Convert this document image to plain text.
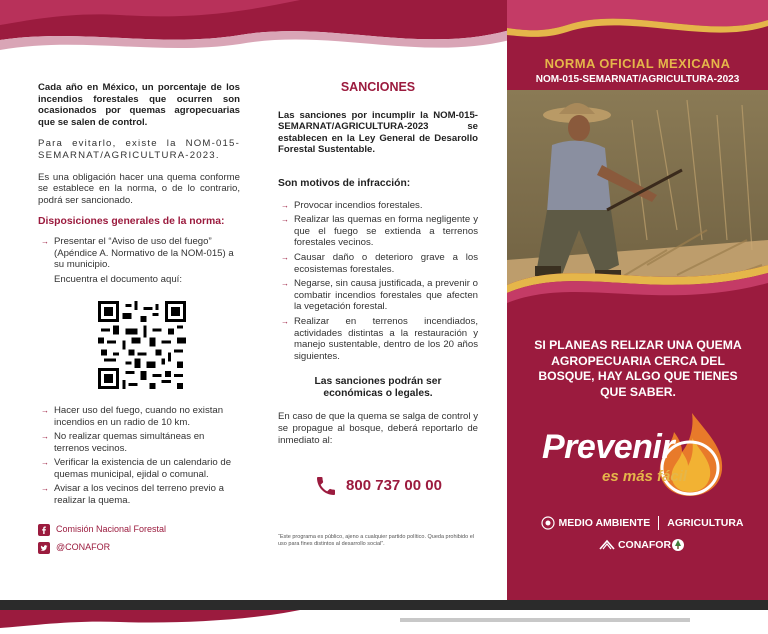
Cada año en México, un porcentaje de los incendios forestales que ocurren son ocasionados por quemas agropecuarias que se salen de control.

Para evitarlo, existe la NOM-015-SEMARNAT/AGRICULTURA-2023.

Es una obligación hacer una quema conforme se establece en la norma, o de lo contrario, podrá ser sancionado.

Disposiciones generales de la norma:
→ Presentar el “Aviso de uso del fuego” (Apéndice A. Normativo de la NOM-015) a su municipio.
Encuentra el documento aquí:
→ Hacer uso del fuego, cuando no existan incendios en un radio de 10 km.
→ No realizar quemas simultáneas en terrenos vecinos.
→ Verificar la existencia de un calendario de quemas municipal, ejidal o comunal.
→ Avisar a los vecinos del terreno previo a realizar la quema.
Comisión Nacional Forestal
@CONAFOR
SANCIONES

Las sanciones por incumplir la NOM-015-SEMARNAT/AGRICULTURA-2023 se establecen en la Ley General de Desarollo Forestal Sustentable.

Son motivos de infracción:
→ Provocar incendios forestales.
→ Realizar las quemas en forma negligente y que el fuego se extienda a terrenos forestales vecinos.
→ Causar daño o deterioro grave a los ecosistemas forestales.
→ Negarse, sin causa justificada, a prevenir o combatir incendios forestales que afecten la vegetación forestal.
→ Realizar en terrenos incendiados, actividades distintas a la restauración y manejo sustentable, dentro de los 20 años siguientes.
Las sanciones podrán ser económicas o legales.

En caso de que la quema se salga de control y se propague al bosque, deberá reportarlo de inmediato al:

800 737 00 00
“Este programa es público, ajeno a cualquier partido político. Queda prohibido el uso para fines distintos al desarrollo social”.
NORMA OFICIAL MEXICANA
NOM-015-SEMARNAT/AGRICULTURA-2023
SI PLANEAS RELIZAR UNA QUEMA AGROPECUARIA CERCA DEL BOSQUE, HAY ALGO QUE TIENES QUE SABER.
Prevenir
es más fácil
MEDIO AMBIENTE AGRICULTURA
CONAFOR
